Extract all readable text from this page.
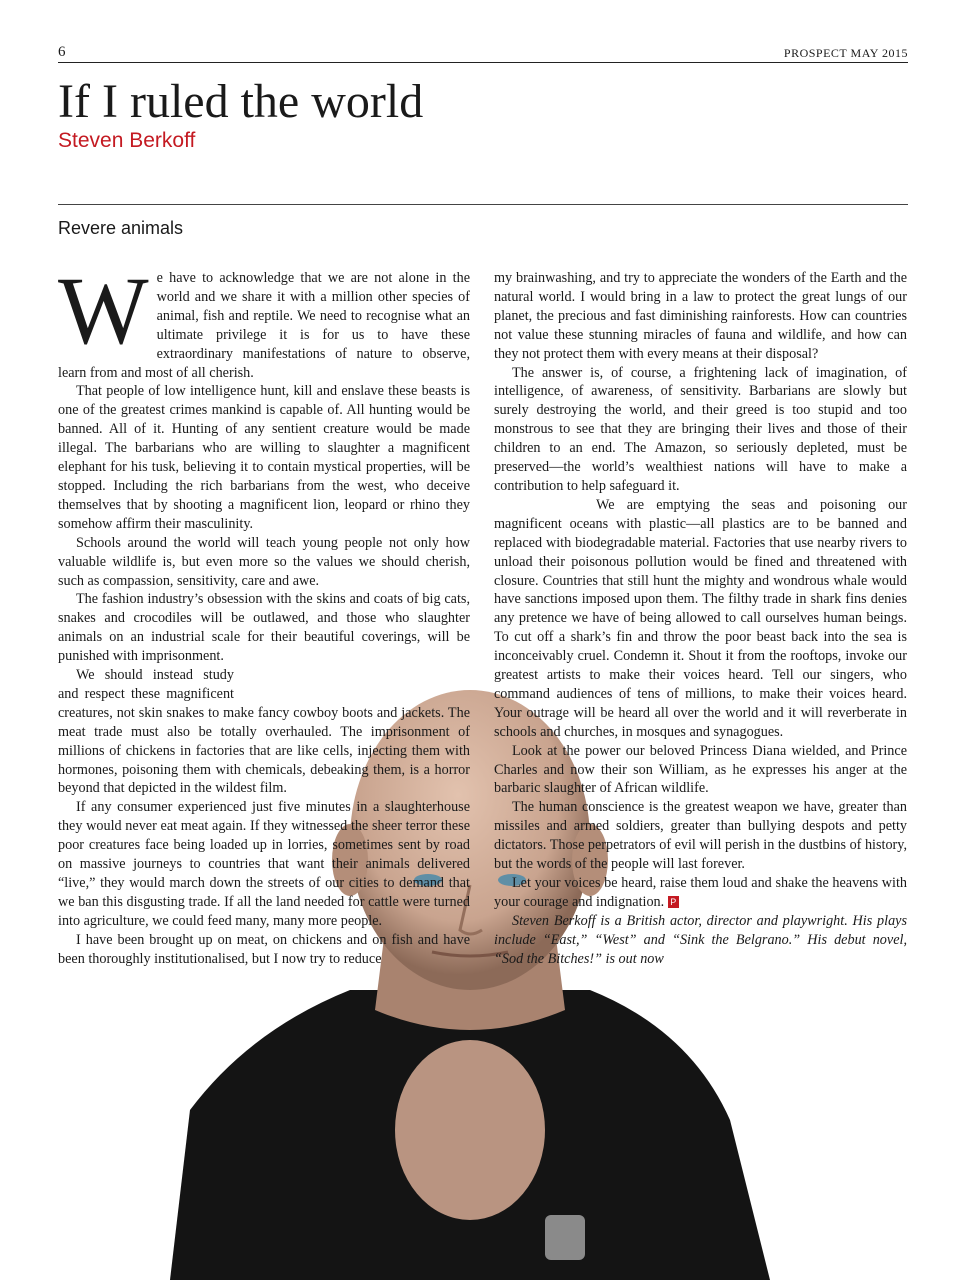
6	PROSPECT MAY 2015
If I ruled the world
Steven Berkoff
Revere animals

We have to acknowledge that we are not alone in the world and we share it with a million other species of animal, fish and reptile. We need to recognise what an ultimate privilege it is for us to have these extraordinary manifestations of nature to observe, learn from and most of all cherish.

That people of low intelligence hunt, kill and enslave these beasts is one of the greatest crimes mankind is capable of. All hunting would be banned. All of it. Hunting of any sentient creature would be made illegal. The barbarians who are willing to slaughter a magnificent elephant for his tusk, believing it to contain mystical properties, will be stopped. Including the rich barbarians from the west, who deceive themselves that by shooting a magnificent lion, leopard or rhino they somehow affirm their masculinity.

Schools around the world will teach young people not only how valuable wildlife is, but even more so the values we should cherish, such as compassion, sensitivity, care and awe.

The fashion industry’s obsession with the skins and coats of big cats, snakes and crocodiles will be outlawed, and those who slaughter animals on an industrial scale for their beautiful coverings, will be punished with imprisonment.

We should instead study and respect these magnificent creatures, not skin snakes to make fancy cowboy boots and jackets. The meat trade must also be totally overhauled. The imprisonment of millions of chickens in factories that are like cells, injecting them with hormones, poisoning them with chemicals, debeaking them, is a horror beyond that depicted in the wildest film.

If any consumer experienced just five minutes in a slaughterhouse they would never eat meat again. If they witnessed the sheer terror these poor creatures face being loaded up in lorries, sometimes sent by road on massive journeys to countries that want their animals delivered “live,” they would march down the streets of our cities to demand that we ban this disgusting trade. If all the land needed for cattle were turned into agriculture, we could feed many, many more people.

I have been brought up on meat, on chickens and on fish and have been thoroughly institutionalised, but I now try to reduce

my brainwashing, and try to appreciate the wonders of the Earth and the natural world. I would bring in a law to protect the great lungs of our planet, the precious and fast diminishing rainforests. How can countries not value these stunning miracles of fauna and wildlife, and how can they not protect them with every means at their disposal?

The answer is, of course, a frightening lack of imagination, of intelligence, of awareness, of sensitivity. Barbarians are slowly but surely destroying the world, and their greed is too stupid and too monstrous to see that they are bringing their lives and those of their children to an end. The Amazon, so seriously depleted, must be preserved—the world’s wealthiest nations will have to make a contribution to help safeguard it.

We are emptying the seas and poisoning our magnificent oceans with plastic—all plastics are to be banned and replaced with biodegradable material. Factories that use nearby rivers to unload their poisonous pollution would be fined and threatened with closure. Countries that still hunt the mighty and wondrous whale would have sanctions imposed upon them. The filthy trade in shark fins denies any pretence we have of being allowed to call ourselves human beings. To cut off a shark’s fin and throw the poor beast back into the sea is inconceivably cruel. Condemn it. Shout it from the rooftops, invoke our greatest artists to make their voices heard. Tell our singers, who command audiences of tens of millions, to make their voices heard. Your outrage will be heard all over the world and it will reverberate in schools and churches, in mosques and synagogues.

Look at the power our beloved Princess Diana wielded, and Prince Charles and now their son William, as he expresses his anger at the barbaric slaughter of African wildlife.

The human conscience is the greatest weapon we have, greater than missiles and armed soldiers, greater than bullying despots and petty dictators. Those perpetrators of evil will perish in the dustbins of history, but the words of the people will last forever.

Let your voices be heard, raise them loud and shake the heavens with your courage and indignation. P

Steven Berkoff is a British actor, director and playwright. His plays include “East,” “West” and “Sink the Belgrano.” His debut novel, “Sod the Bitches!” is out now
